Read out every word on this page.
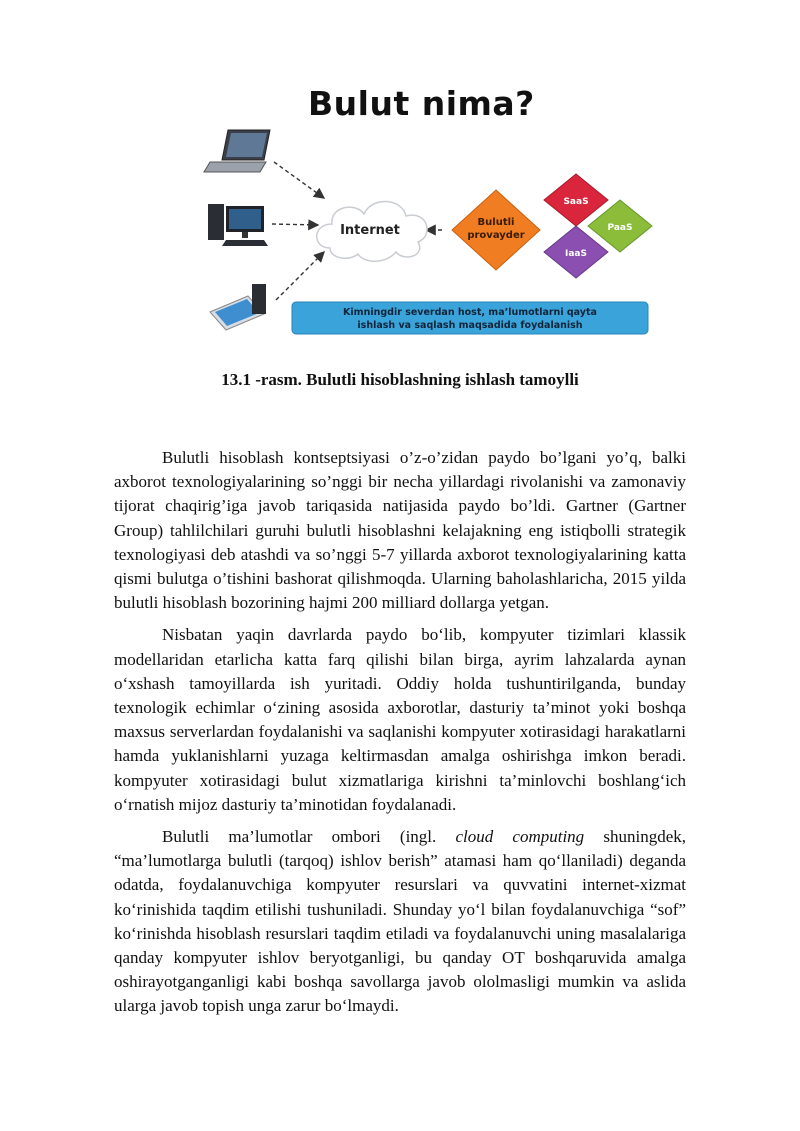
Internet
Bulutli
provayder
SaaS
PaaS
IaaS
Kimningdir severdan host, ma’lumotlarni qayta
ishlash va saqlash maqsadida foydalanish
Bulut nima?
13.1 -rasm. Bulutli hisoblashning ishlash tamoylli

Bulutli hisoblash kontseptsiyasi o’z-o’zidan paydo bo’lgani yo’q, balki axborot texnologiyalarining so’nggi bir necha yillardagi rivolanishi va zamonaviy tijorat chaqirig’iga javob tariqasida natijasida paydo bo’ldi. Gartner (Gartner Group) tahlilchilari guruhi bulutli hisoblashni kelajakning eng istiqbolli strategik texnologiyasi deb atashdi va so’nggi 5-7 yillarda axborot texnologiyalarining katta qismi bulutga o’tishini bashorat qilishmoqda. Ularning baholashlaricha, 2015 yilda bulutli hisoblash bozorining hajmi 200 milliard dollarga yetgan.

Nisbatan yaqin davrlarda paydo bo‘lib, kompyuter tizimlari klassik modellaridan etarlicha katta farq qilishi bilan birga, ayrim lahzalarda aynan o‘xshash tamoyillarda ish yuritadi. Oddiy holda tushuntirilganda, bunday texnologik echimlar o‘zining asosida axborotlar, dasturiy ta’minot yoki boshqa maxsus serverlardan foydalanishi va saqlanishi kompyuter xotirasidagi harakatlarni hamda yuklanishlarni yuzaga keltirmasdan amalga oshirishga imkon beradi. kompyuter xotirasidagi bulut xizmatlariga kirishni ta’minlovchi boshlang‘ich o‘rnatish mijoz dasturiy ta’minotidan foydalanadi.

Bulutli ma’lumotlar ombori (ingl. cloud computing shuningdek, “ma’lumotlarga bulutli (tarqoq) ishlov berish” atamasi ham qo‘llaniladi) deganda odatda, foydalanuvchiga kompyuter resurslari va quvvatini internet-xizmat ko‘rinishida taqdim etilishi tushuniladi. Shunday yo‘l bilan foydalanuvchiga “sof” ko‘rinishda hisoblash resurslari taqdim etiladi va foydalanuvchi uning masalalariga qanday kompyuter ishlov beryotganligi, bu qanday OT boshqaruvida amalga oshirayotganganligi kabi boshqa savollarga javob ololmasligi mumkin va aslida ularga javob topish unga zarur bo‘lmaydi.
